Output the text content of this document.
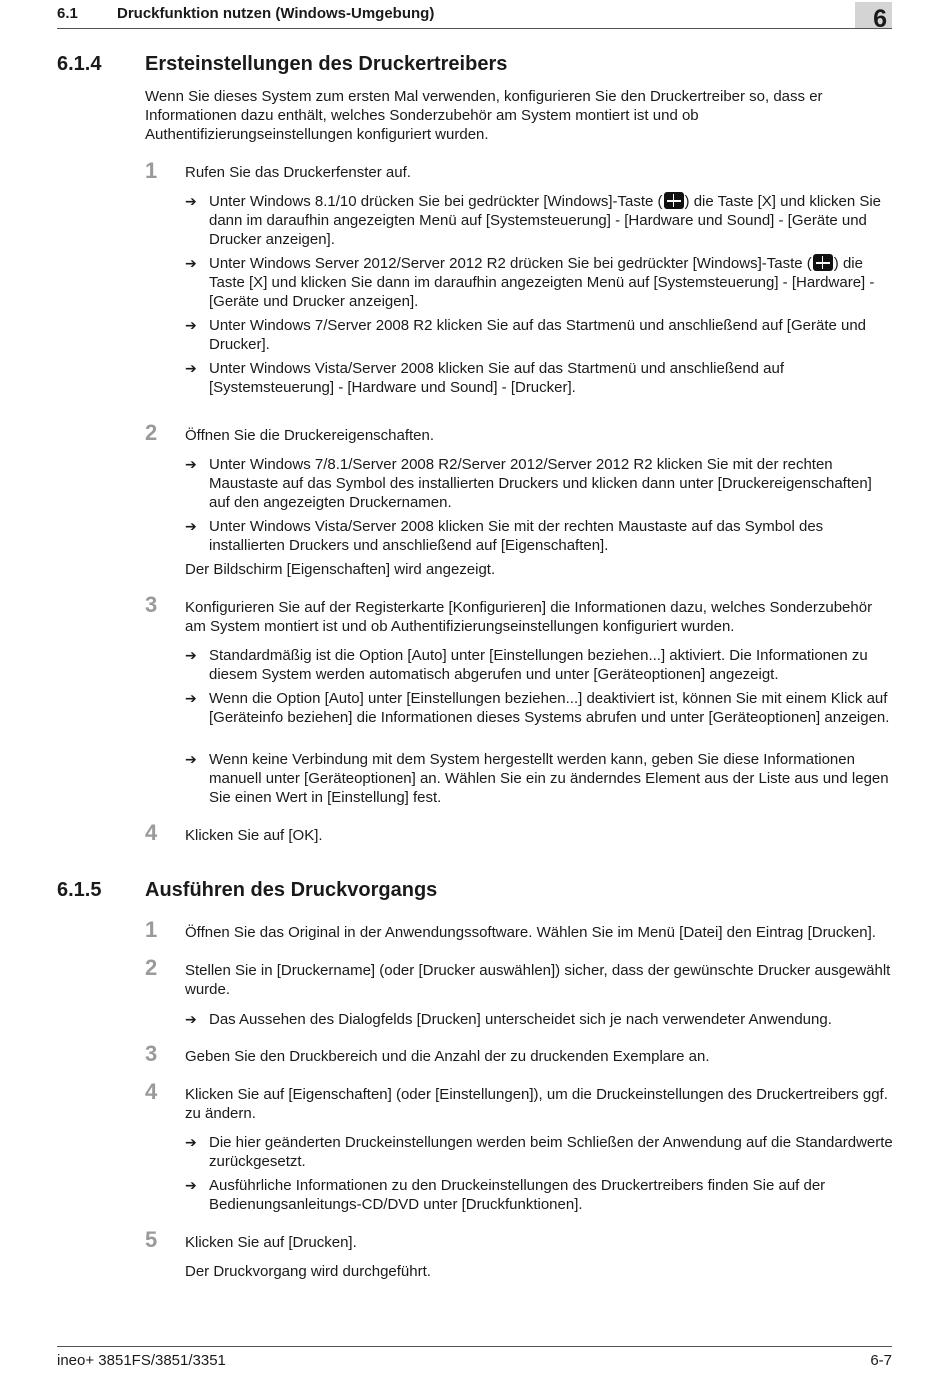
6.1	Druckfunktion nutzen (Windows-Umgebung)	6
6.1.4 Ersteinstellungen des Druckertreibers
Wenn Sie dieses System zum ersten Mal verwenden, konfigurieren Sie den Druckertreiber so, dass er Informationen dazu enthält, welches Sonderzubehör am System montiert ist und ob Authentifizierungseinstellungen konfiguriert wurden.
1 Rufen Sie das Druckerfenster auf.
➔ Unter Windows 8.1/10 drücken Sie bei gedrückter [Windows]-Taste ( ) die Taste [X] und klicken Sie dann im daraufhin angezeigten Menü auf [Systemsteuerung] - [Hardware und Sound] - [Geräte und Drucker anzeigen].
➔ Unter Windows Server 2012/Server 2012 R2 drücken Sie bei gedrückter [Windows]-Taste ( ) die Taste [X] und klicken Sie dann im daraufhin angezeigten Menü auf [Systemsteuerung] - [Hardware] - [Geräte und Drucker anzeigen].
➔ Unter Windows 7/Server 2008 R2 klicken Sie auf das Startmenü und anschließend auf [Geräte und Drucker].
➔ Unter Windows Vista/Server 2008 klicken Sie auf das Startmenü und anschließend auf [Systemsteuerung] - [Hardware und Sound] - [Drucker].
2 Öffnen Sie die Druckereigenschaften.
➔ Unter Windows 7/8.1/Server 2008 R2/Server 2012/Server 2012 R2 klicken Sie mit der rechten Maustaste auf das Symbol des installierten Druckers und klicken dann unter [Druckereigenschaften] auf den angezeigten Druckernamen.
➔ Unter Windows Vista/Server 2008 klicken Sie mit der rechten Maustaste auf das Symbol des installierten Druckers und anschließend auf [Eigenschaften].
Der Bildschirm [Eigenschaften] wird angezeigt.
3 Konfigurieren Sie auf der Registerkarte [Konfigurieren] die Informationen dazu, welches Sonderzubehör am System montiert ist und ob Authentifizierungseinstellungen konfiguriert wurden.
➔ Standardmäßig ist die Option [Auto] unter [Einstellungen beziehen...] aktiviert. Die Informationen zu diesem System werden automatisch abgerufen und unter [Geräteoptionen] angezeigt.
➔ Wenn die Option [Auto] unter [Einstellungen beziehen...] deaktiviert ist, können Sie mit einem Klick auf [Geräteinfo beziehen] die Informationen dieses Systems abrufen und unter [Geräteoptionen] anzeigen.
➔ Wenn keine Verbindung mit dem System hergestellt werden kann, geben Sie diese Informationen manuell unter [Geräteoptionen] an. Wählen Sie ein zu änderndes Element aus der Liste aus und legen Sie einen Wert in [Einstellung] fest.
4 Klicken Sie auf [OK].
6.1.5 Ausführen des Druckvorgangs
1 Öffnen Sie das Original in der Anwendungssoftware. Wählen Sie im Menü [Datei] den Eintrag [Drucken].
2 Stellen Sie in [Druckername] (oder [Drucker auswählen]) sicher, dass der gewünschte Drucker ausgewählt wurde.
➔ Das Aussehen des Dialogfelds [Drucken] unterscheidet sich je nach verwendeter Anwendung.
3 Geben Sie den Druckbereich und die Anzahl der zu druckenden Exemplare an.
4 Klicken Sie auf [Eigenschaften] (oder [Einstellungen]), um die Druckeinstellungen des Druckertreibers ggf. zu ändern.
➔ Die hier geänderten Druckeinstellungen werden beim Schließen der Anwendung auf die Standardwerte zurückgesetzt.
➔ Ausführliche Informationen zu den Druckeinstellungen des Druckertreibers finden Sie auf der Bedienungsanleitungs-CD/DVD unter [Druckfunktionen].
5 Klicken Sie auf [Drucken].
Der Druckvorgang wird durchgeführt.
ineo+ 3851FS/3851/3351	6-7
